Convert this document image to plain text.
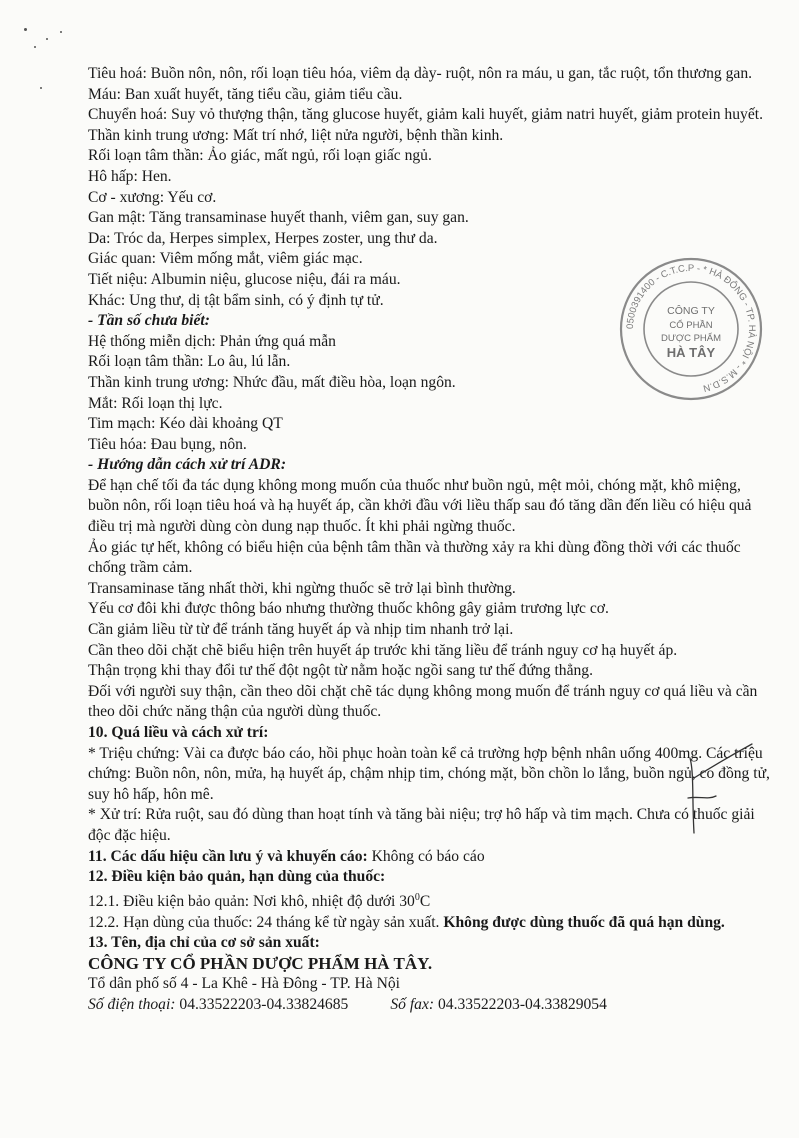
Tiêu hoá: Buồn nôn, nôn, rối loạn tiêu hóa, viêm dạ dày- ruột, nôn ra máu, u gan, tắc ruột, tổn thương gan.

Máu: Ban xuất huyết, tăng tiểu cầu, giảm tiểu cầu.

Chuyển hoá: Suy vỏ thượng thận, tăng glucose huyết, giảm kali huyết, giảm natri huyết, giảm protein huyết.

Thần kinh trung ương: Mất trí nhớ, liệt nửa người, bệnh thần kinh.

Rối loạn tâm thần: Ảo giác, mất ngủ, rối loạn giấc ngủ.

Hô hấp: Hen.

Cơ - xương: Yếu cơ.

Gan mật: Tăng transaminase huyết thanh, viêm gan, suy gan.

Da: Tróc da, Herpes simplex, Herpes zoster, ung thư da.

Giác quan: Viêm mống mắt, viêm giác mạc.

Tiết niệu: Albumin niệu, glucose niệu, đái ra máu.

Khác: Ung thư, dị tật bẩm sinh, có ý định tự tử.

- Tần số chưa biết:

Hệ thống miễn dịch: Phản ứng quá mẫn

Rối loạn tâm thần: Lo âu, lú lẫn.

Thần kinh trung ương: Nhức đầu, mất điều hòa, loạn ngôn.

Mắt: Rối loạn thị lực.

Tim mạch: Kéo dài khoảng QT

Tiêu hóa: Đau bụng, nôn.

- Hướng dẫn cách xử trí ADR:

Để hạn chế tối đa tác dụng không mong muốn của thuốc như buồn ngủ, mệt mỏi, chóng mặt, khô miệng, buồn nôn, rối loạn tiêu hoá và hạ huyết áp, cần khởi đầu với liều thấp sau đó tăng dần đến liều có hiệu quả điều trị mà người dùng còn dung nạp thuốc. Ít khi phải ngừng thuốc.

Ảo giác tự hết, không có biểu hiện của bệnh tâm thần và thường xảy ra khi dùng đồng thời với các thuốc chống trầm cảm.

Transaminase tăng nhất thời, khi ngừng thuốc sẽ trở lại bình thường.

Yếu cơ đôi khi được thông báo nhưng thường thuốc không gây giảm trương lực cơ.

Cần giảm liều từ từ để tránh tăng huyết áp và nhịp tim nhanh trở lại.

Cần theo dõi chặt chẽ biểu hiện trên huyết áp trước khi tăng liều để tránh nguy cơ hạ huyết áp.

Thận trọng khi thay đổi tư thế đột ngột từ nằm hoặc ngồi sang tư thế đứng thẳng.

Đối với người suy thận, cần theo dõi chặt chẽ tác dụng không mong muốn để tránh nguy cơ quá liều và cần theo dõi chức năng thận của người dùng thuốc.

10. Quá liều và cách xử trí:

* Triệu chứng: Vài ca được báo cáo, hồi phục hoàn toàn kể cả trường hợp bệnh nhân uống 400mg. Các triệu chứng: Buồn nôn, nôn, mửa, hạ huyết áp, chậm nhịp tim, chóng mặt, bồn chồn lo lắng, buồn ngủ, co đồng tử, suy hô hấp, hôn mê.

* Xử trí: Rửa ruột, sau đó dùng than hoạt tính và tăng bài niệu; trợ hô hấp và tim mạch. Chưa có thuốc giải độc đặc hiệu.

11. Các dấu hiệu cần lưu ý và khuyến cáo: Không có báo cáo

12. Điều kiện bảo quản, hạn dùng của thuốc:

12.1. Điều kiện bảo quản: Nơi khô, nhiệt độ dưới $30^0C$

12.2. Hạn dùng của thuốc: 24 tháng kể từ ngày sản xuất. Không được dùng thuốc đã quá hạn dùng.

13. Tên, địa chỉ của cơ sở sản xuất:

CÔNG TY CỔ PHẦN DƯỢC PHẨM HÀ TÂY.

Tổ dân phố số 4 - La Khê - Hà Đông - TP. Hà Nội

Số điện thoại: 04.33522203-04.33824685	Số fax: 04.33522203-04.33829054

0500391400 - C.T.C.P - * HÀ ĐÔNG - TP. HÀ NỘI * - M.S.D.N
CÔNG TY
CỔ PHẦN
DƯỢC PHẨM
HÀ TÂY
